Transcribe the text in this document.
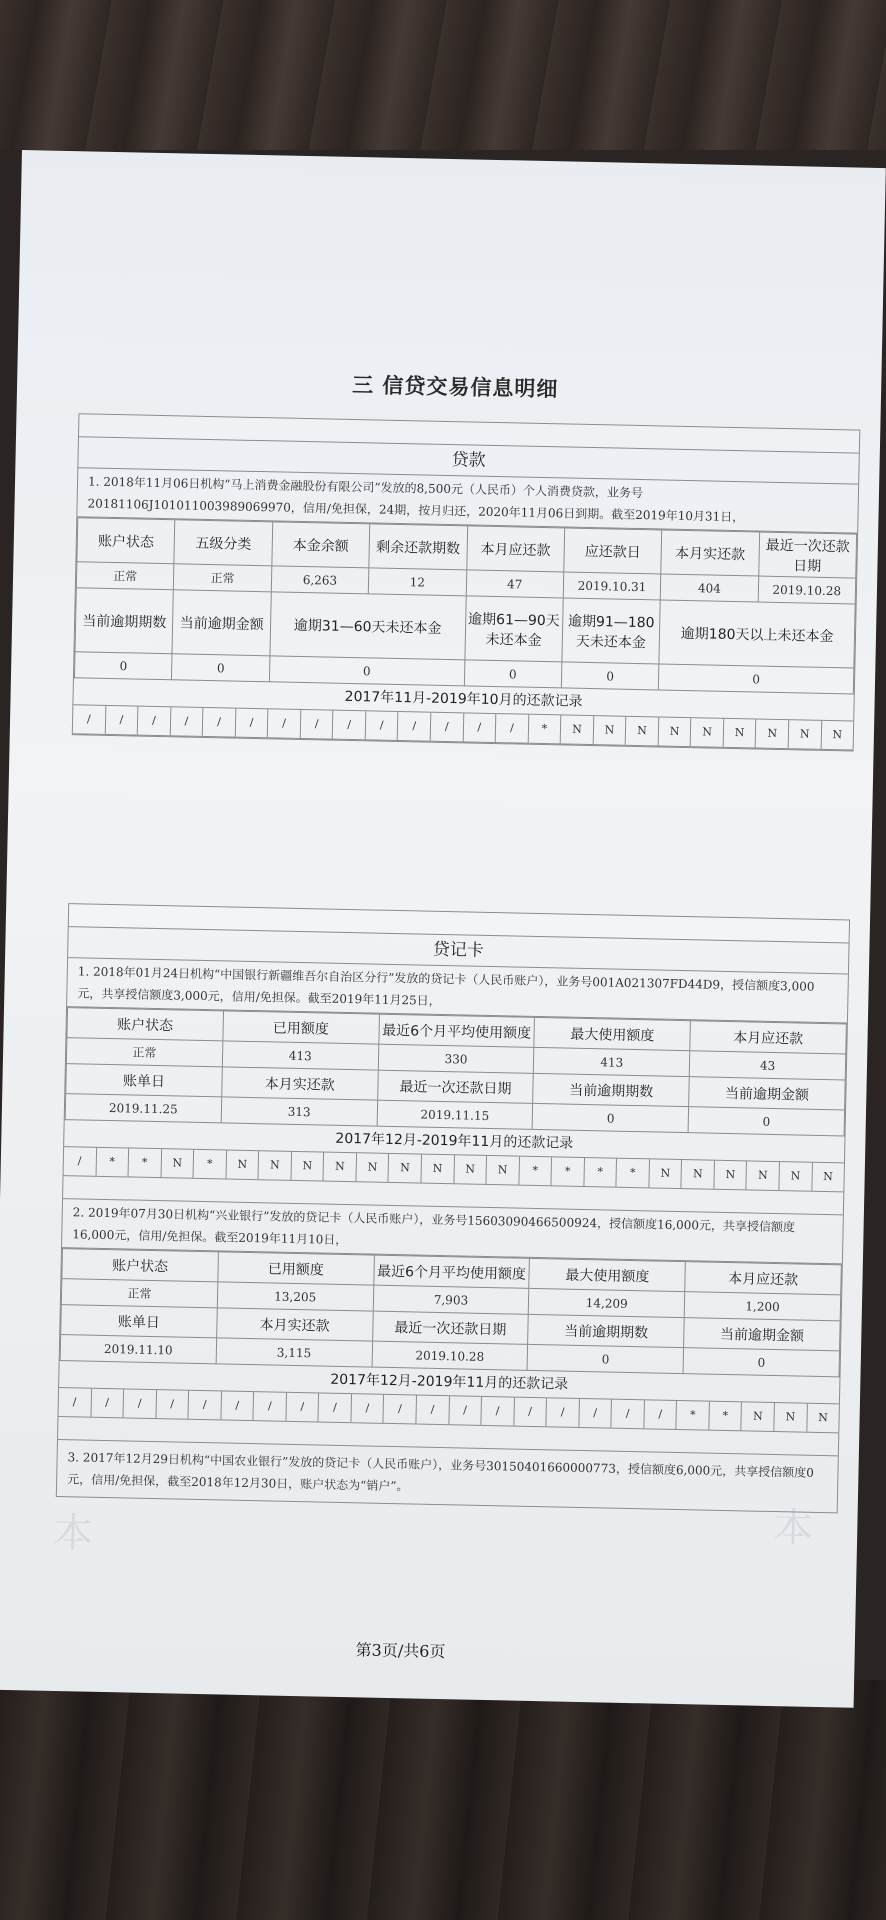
本	本
三 信贷交易信息明细
贷款
1. 2018年11月06日机构“马上消费金融股份有限公司”发放的8,500元（人民币）个人消费贷款，业务号20181106J101011003989069970，信用/免担保，24期，按月归还，2020年11月06日到期。截至2019年10月31日，
账户状态	五级分类	本金余额	剩余还款期数	本月应还款	应还款日	本月实还款	最近一次还款日期
正常	正常	6,263	12	47	2019.10.31	404	2019.10.28
当前逾期期数	当前逾期金额	逾期31—60天未还本金		逾期61—90天未还本金	逾期91—180天未还本金	逾期180天以上未还本金	
0	0	0		0	0	0	
2017年11月-2019年10月的还款记录
/	/	/	/	/	/	/	/	/	/	/	/	/	/	*	N	N	N	N	N	N	N	N	N
贷记卡
1. 2018年01月24日机构“中国银行新疆维吾尔自治区分行”发放的贷记卡（人民币账户），业务号001A021307FD44D9，授信额度3,000元，共享授信额度3,000元，信用/免担保。截至2019年11月25日，
账户状态	已用额度	最近6个月平均使用额度	最大使用额度	本月应还款
正常	413	330	413	43
账单日	本月实还款	最近一次还款日期	当前逾期期数	当前逾期金额
2019.11.25	313	2019.11.15	0	0
2017年12月-2019年11月的还款记录
/	*	*	N	*	N	N	N	N	N	N	N	N	N	*	*	*	*	N	N	N	N	N	N
2. 2019年07月30日机构“兴业银行”发放的贷记卡（人民币账户），业务号15603090466500924，授信额度16,000元，共享授信额度16,000元，信用/免担保。截至2019年11月10日，
账户状态	已用额度	最近6个月平均使用额度	最大使用额度	本月应还款
正常	13,205	7,903	14,209	1,200
账单日	本月实还款	最近一次还款日期	当前逾期期数	当前逾期金额
2019.11.10	3,115	2019.10.28	0	0
2017年12月-2019年11月的还款记录
/	/	/	/	/	/	/	/	/	/	/	/	/	/	/	/	/	/	/	*	*	N	N	N
3. 2017年12月29日机构“中国农业银行”发放的贷记卡（人民币账户），业务号30150401660000773，授信额度6,000元，共享授信额度0元，信用/免担保，截至2018年12月30日，账户状态为“销户”。
第3页/共6页
